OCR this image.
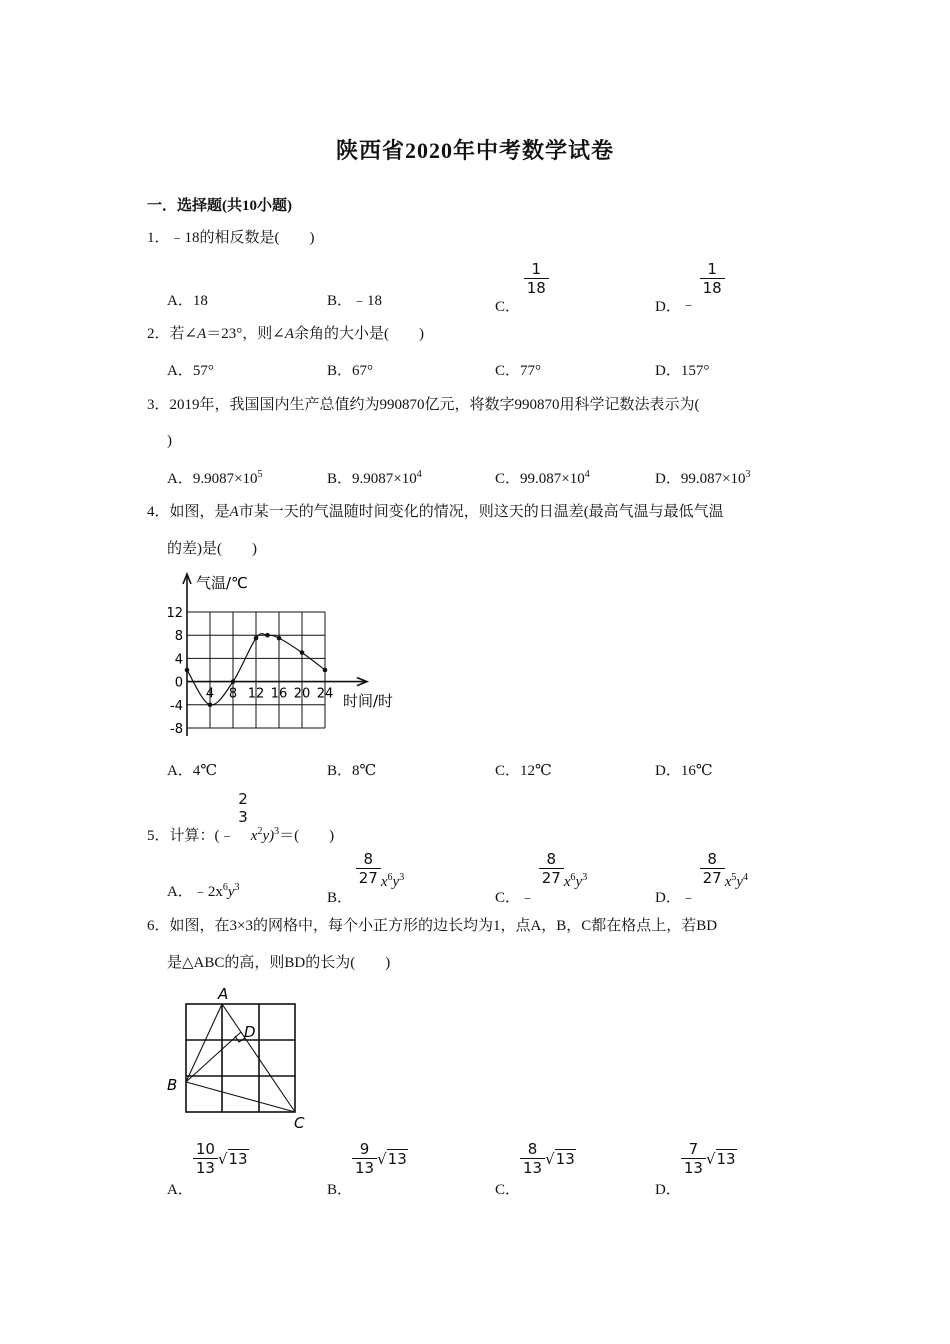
陕西省2020年中考数学试卷
一．选择题(共10小题)
1．﹣18的相反数是(　　)
A．18	B．﹣18	C．
$\frac{1}{18}$
D．﹣
$\frac{1}{18}$
2．若∠A＝23°，则∠A余角的大小是(　　)
A．57°	B．67°	C．77°	D．157°
3．2019年，我国国内生产总值约为990870亿元，将数字990870用科学记数法表示为(
)
A．$9.9087\times 10^5$	B．$9.9087\times 10^4$	C．$99.087\times 10^4$	D．$99.087\times 10^3$
4．如图，是A市某一天的气温随时间变化的情况，则这天的日温差(最高气温与最低气温
的差)是(　　)
12
8
4
0
-4
-8
4 8 12 16 20 24
气温/℃
时间/时
A．4℃	B．8℃	C．12℃	D．16℃
5．计算：(﹣
2
3
$x^2y)^3=$(　　)
A．$﹣2x^6y^3$
B．
$\frac{8}{27} x^6y^3$
C．﹣
$\frac{8}{27} x^6y^3$
D．﹣
$\frac{8}{27} x^5y^4$
6．如图，在3×3的网格中，每个小正方形的边长均为1，点A，B，C都在格点上，若BD
是△ABC的高，则BD的长为(　　)
A
B
C
D
A．
$\frac{10}{13} √13$
B．
$\frac{9}{13} √13$
C．
$\frac{8}{13} √13$
D．
$\frac{7}{13} √13$
